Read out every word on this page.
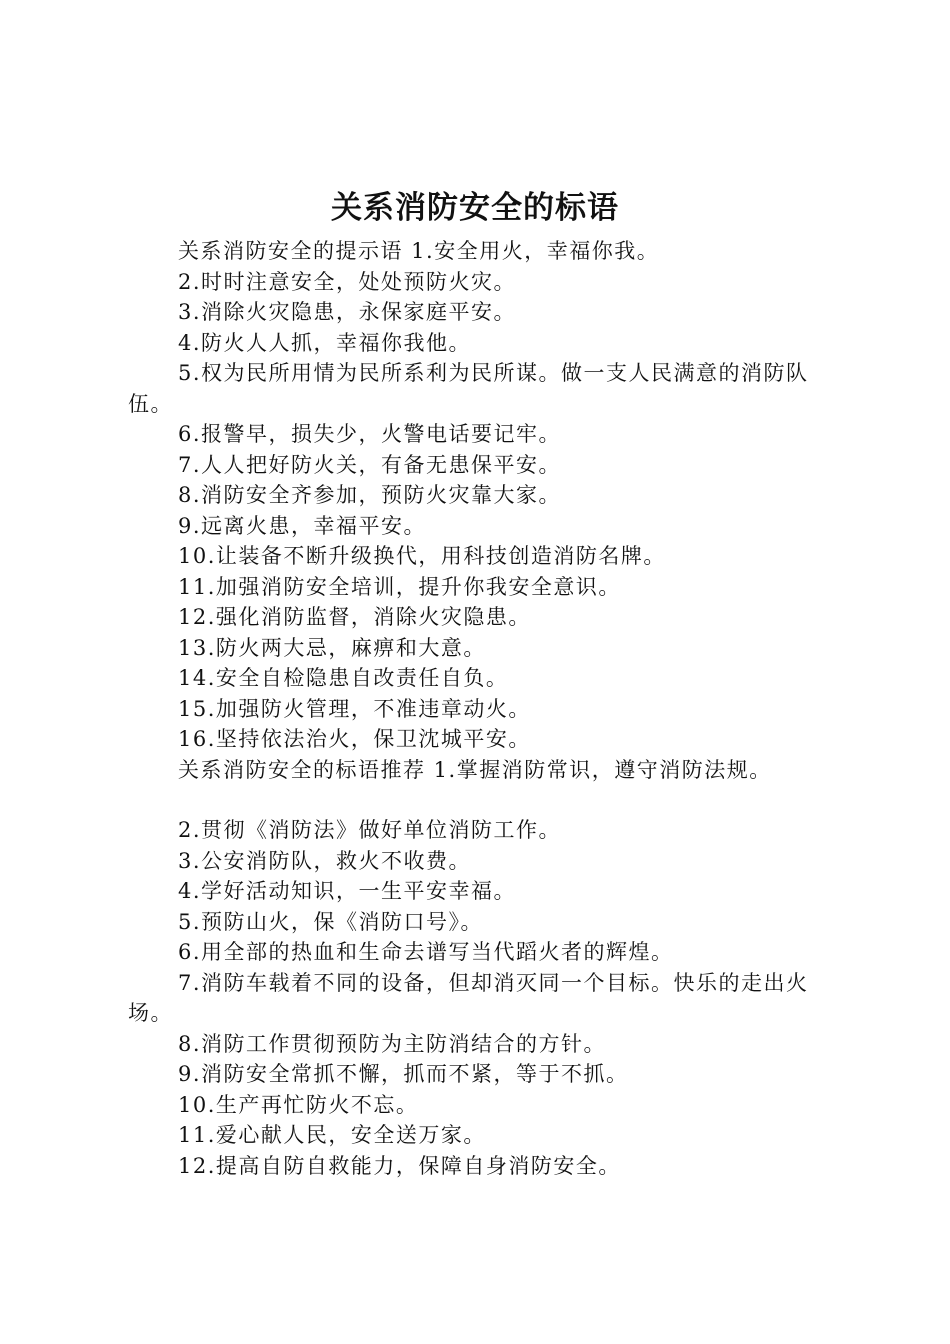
关系消防安全的标语

关系消防安全的提示语 1.安全用火，幸福你我。

2.时时注意安全，处处预防火灾。

3.消除火灾隐患，永保家庭平安。

4.防火人人抓，幸福你我他。

5.权为民所用情为民所系利为民所谋。做一支人民满意的消防队伍。

6.报警早，损失少，火警电话要记牢。

7.人人把好防火关，有备无患保平安。

8.消防安全齐参加，预防火灾靠大家。

9.远离火患，幸福平安。

10.让装备不断升级换代，用科技创造消防名牌。

11.加强消防安全培训，提升你我安全意识。

12.强化消防监督，消除火灾隐患。

13.防火两大忌，麻痹和大意。

14.安全自检隐患自改责任自负。

15.加强防火管理，不准违章动火。

16.坚持依法治火，保卫沈城平安。

关系消防安全的标语推荐 1.掌握消防常识，遵守消防法规。

2.贯彻《消防法》做好单位消防工作。

3.公安消防队，救火不收费。

4.学好活动知识，一生平安幸福。

5.预防山火，保《消防口号》。

6.用全部的热血和生命去谱写当代蹈火者的辉煌。

7.消防车载着不同的设备，但却消灭同一个目标。快乐的走出火场。

8.消防工作贯彻预防为主防消结合的方针。

9.消防安全常抓不懈，抓而不紧，等于不抓。

10.生产再忙防火不忘。

11.爱心献人民，安全送万家。

12.提高自防自救能力，保障自身消防安全。
